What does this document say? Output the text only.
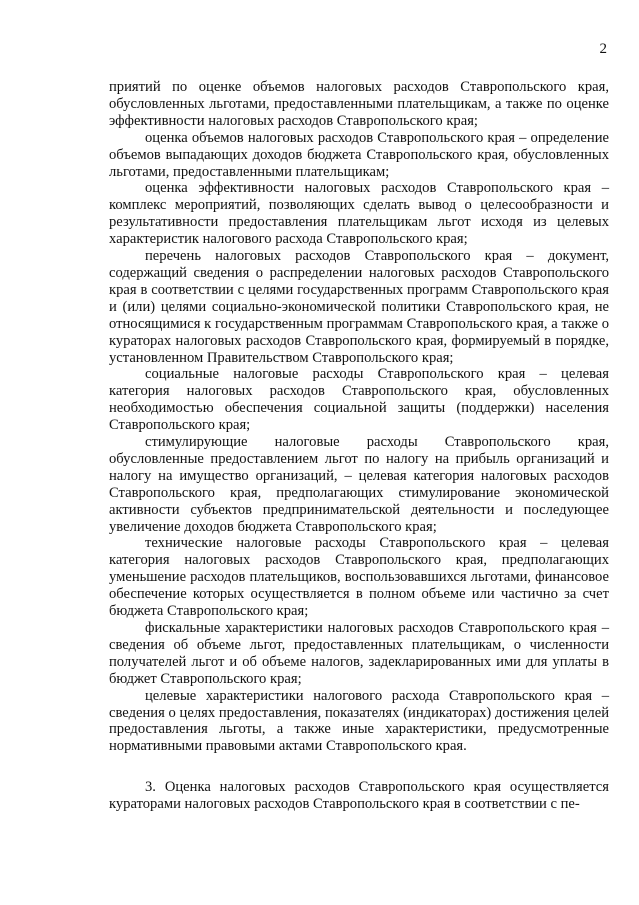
2

приятий по оценке объемов налоговых расходов Ставропольского края, обусловленных льготами, предоставленными плательщикам, а также по оценке эффективности налоговых расходов Ставропольского края;

оценка объемов налоговых расходов Ставропольского края – определение объемов выпадающих доходов бюджета Ставропольского края, обусловленных льготами, предоставленными плательщикам;

оценка эффективности налоговых расходов Ставропольского края – комплекс мероприятий, позволяющих сделать вывод о целесообразности и результативности предоставления плательщикам льгот исходя из целевых характеристик налогового расхода Ставропольского края;

перечень налоговых расходов Ставропольского края – документ, содержащий сведения о распределении налоговых расходов Ставропольского края в соответствии с целями государственных программ Ставропольского края и (или) целями социально-экономической политики Ставропольского края, не относящимися к государственным программам Ставропольского края, а также о кураторах налоговых расходов Ставропольского края, формируемый в порядке, установленном Правительством Ставропольского края;

социальные налоговые расходы Ставропольского края – целевая категория налоговых расходов Ставропольского края, обусловленных необходимостью обеспечения социальной защиты (поддержки) населения Ставропольского края;

стимулирующие налоговые расходы Ставропольского края, обусловленные предоставлением льгот по налогу на прибыль организаций и налогу на имущество организаций, – целевая категория налоговых расходов Ставропольского края, предполагающих стимулирование экономической активности субъектов предпринимательской деятельности и последующее увеличение доходов бюджета Ставропольского края;

технические налоговые расходы Ставропольского края – целевая категория налоговых расходов Ставропольского края, предполагающих уменьшение расходов плательщиков, воспользовавшихся льготами, финансовое обеспечение которых осуществляется в полном объеме или частично за счет бюджета Ставропольского края;

фискальные характеристики налоговых расходов Ставропольского края – сведения об объеме льгот, предоставленных плательщикам, о численности получателей льгот и об объеме налогов, задекларированных ими для уплаты в бюджет Ставропольского края;

целевые характеристики налогового расхода Ставропольского края – сведения о целях предоставления, показателях (индикаторах) достижения целей предоставления льготы, а также иные характеристики, предусмотренные нормативными правовыми актами Ставропольского края.

3. Оценка налоговых расходов Ставропольского края осуществляется кураторами налоговых расходов Ставропольского края в соответствии с пе-
